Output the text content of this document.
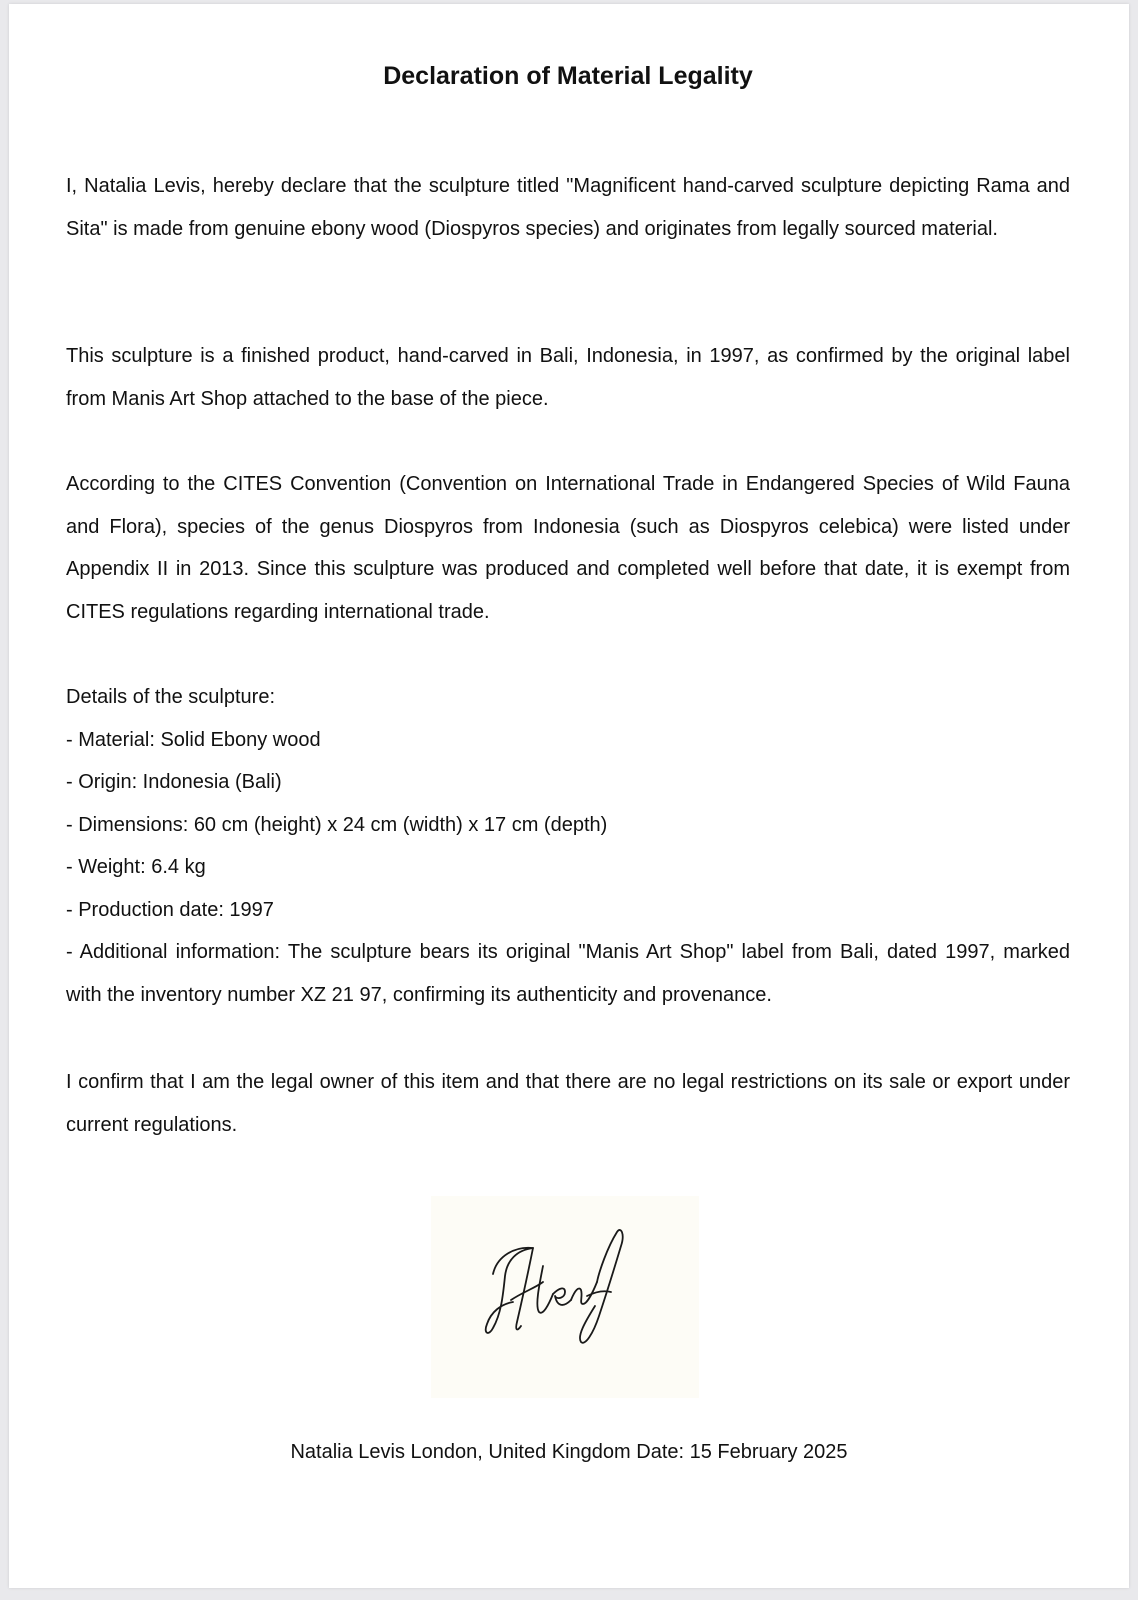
Declaration of Material Legality

I, Natalia Levis, hereby declare that the sculpture titled "Magnificent hand-carved sculpture depicting Rama and Sita" is made from genuine ebony wood (Diospyros species) and originates from legally sourced material.

This sculpture is a finished product, hand-carved in Bali, Indonesia, in 1997, as confirmed by the original label from Manis Art Shop attached to the base of the piece.

According to the CITES Convention (Convention on International Trade in Endangered Species of Wild Fauna and Flora), species of the genus Diospyros from Indonesia (such as Diospyros celebica) were listed under Appendix II in 2013. Since this sculpture was produced and completed well before that date, it is exempt from CITES regulations regarding international trade.

Details of the sculpture:
- Material: Solid Ebony wood
- Origin: Indonesia (Bali)
- Dimensions: 60 cm (height) x 24 cm (width) x 17 cm (depth)
- Weight: 6.4 kg
- Production date: 1997
- Additional information: The sculpture bears its original "Manis Art Shop" label from Bali, dated 1997, marked with the inventory number XZ 21 97, confirming its authenticity and provenance.

I confirm that I am the legal owner of this item and that there are no legal restrictions on its sale or export under current regulations.

Natalia Levis London, United Kingdom Date: 15 February 2025
